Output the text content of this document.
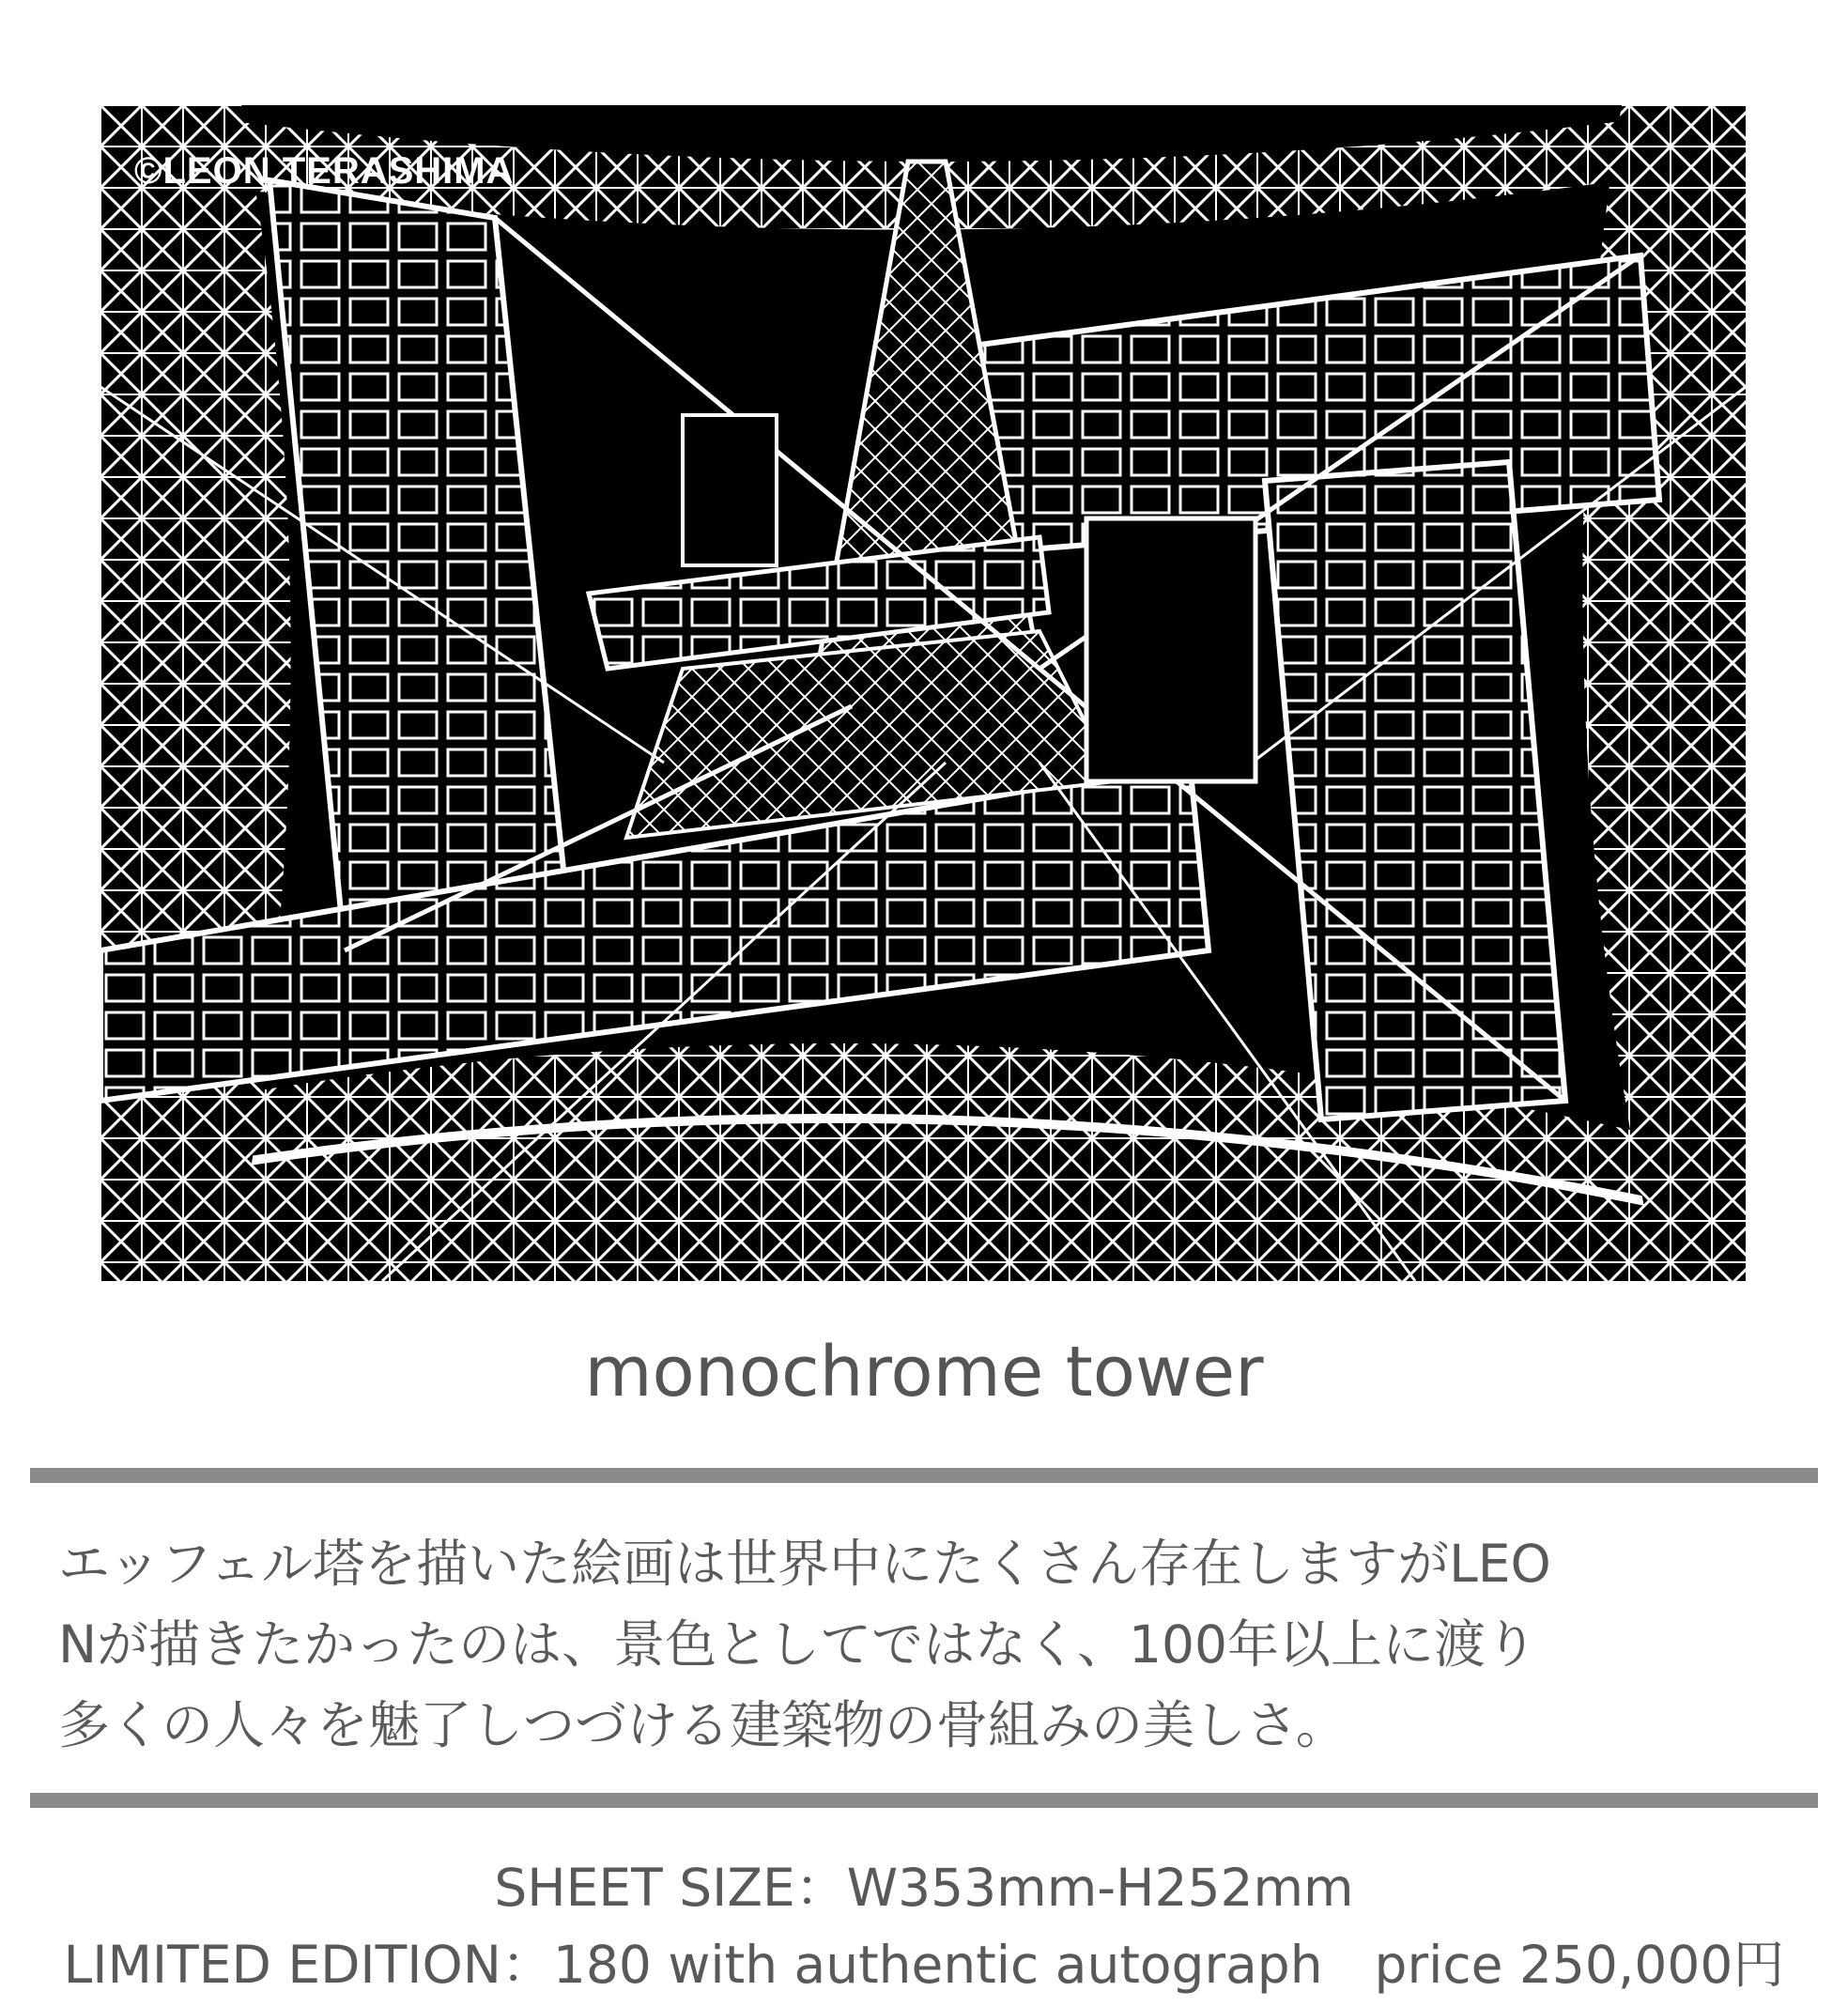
©LEON TERASHIMA
monochrome tower
エッフェル塔を描いた絵画は世界中にたくさん存在しますがLEO
Nが描きたかったのは、景色としてではなく、100年以上に渡り
多くの人々を魅了しつづける建築物の骨組みの美しさ。
SHEET SIZE：W353mm-H252mm
LIMITED EDITION：180 with authentic autograph　price 250,000円
